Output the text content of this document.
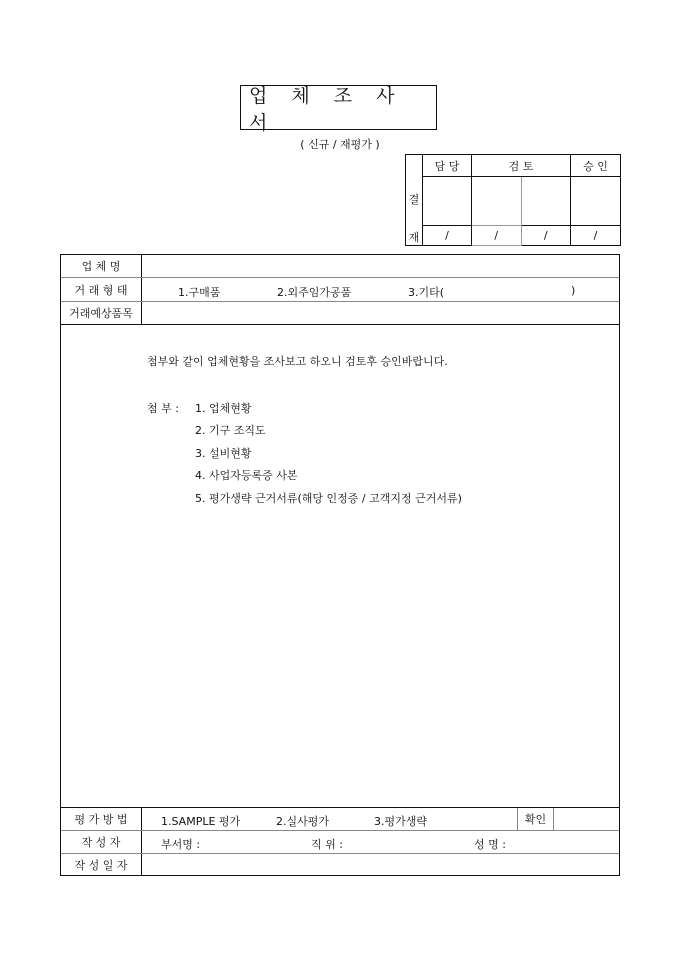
업 체 조 사 서
( 신규 / 재평가 )
결
재	담 당	검 토		승 인

	/	/	/	/
업 체 명
거 래 형 태	1.구매품	2.외주임가공품	3.기타(	)
거래예상품목
첨부와 같이 업체현황을 조사보고 하오니 검토후 승인바랍니다.
첨 부 : 1. 업체현황
2. 기구 조직도
3. 설비현황
4. 사업자등록증 사본
5. 평가생략 근거서류(해당 인정증 / 고객지정 근거서류)
평 가 방 법	1.SAMPLE 평가	2.실사평가	3.평가생략	확인
작 성 자	부서명 :	직 위 :	성 명 :
작 성 일 자
